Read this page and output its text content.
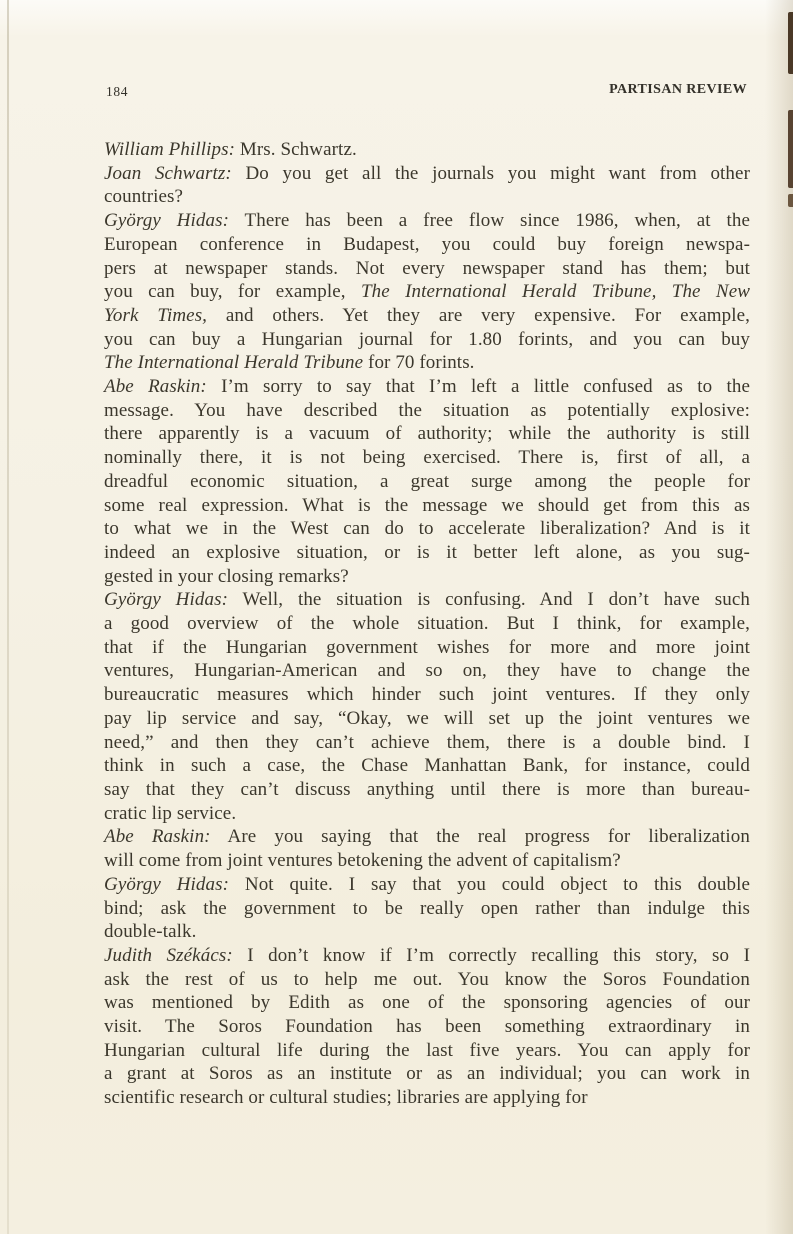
184	PARTISAN REVIEW
William Phillips: Mrs. Schwartz.
Joan Schwartz: Do you get all the journals you might want from other
countries?
György Hidas: There has been a free flow since 1986, when, at the
European conference in Budapest, you could buy foreign newspa-
pers at newspaper stands. Not every newspaper stand has them; but
you can buy, for example, The International Herald Tribune, The New
York Times, and others. Yet they are very expensive. For example,
you can buy a Hungarian journal for 1.80 forints, and you can buy
The International Herald Tribune for 70 forints.
Abe Raskin: I’m sorry to say that I’m left a little confused as to the
message. You have described the situation as potentially explosive:
there apparently is a vacuum of authority; while the authority is still
nominally there, it is not being exercised. There is, first of all, a
dreadful economic situation, a great surge among the people for
some real expression. What is the message we should get from this as
to what we in the West can do to accelerate liberalization? And is it
indeed an explosive situation, or is it better left alone, as you sug-
gested in your closing remarks?
György Hidas: Well, the situation is confusing. And I don’t have such
a good overview of the whole situation. But I think, for example,
that if the Hungarian government wishes for more and more joint
ventures, Hungarian-American and so on, they have to change the
bureaucratic measures which hinder such joint ventures. If they only
pay lip service and say, “Okay, we will set up the joint ventures we
need,” and then they can’t achieve them, there is a double bind. I
think in such a case, the Chase Manhattan Bank, for instance, could
say that they can’t discuss anything until there is more than bureau-
cratic lip service.
Abe Raskin: Are you saying that the real progress for liberalization
will come from joint ventures betokening the advent of capitalism?
György Hidas: Not quite. I say that you could object to this double
bind; ask the government to be really open rather than indulge this
double-talk.
Judith Székács: I don’t know if I’m correctly recalling this story, so I
ask the rest of us to help me out. You know the Soros Foundation
was mentioned by Edith as one of the sponsoring agencies of our
visit. The Soros Foundation has been something extraordinary in
Hungarian cultural life during the last five years. You can apply for
a grant at Soros as an institute or as an individual; you can work in
scientific research or cultural studies; libraries are applying for
